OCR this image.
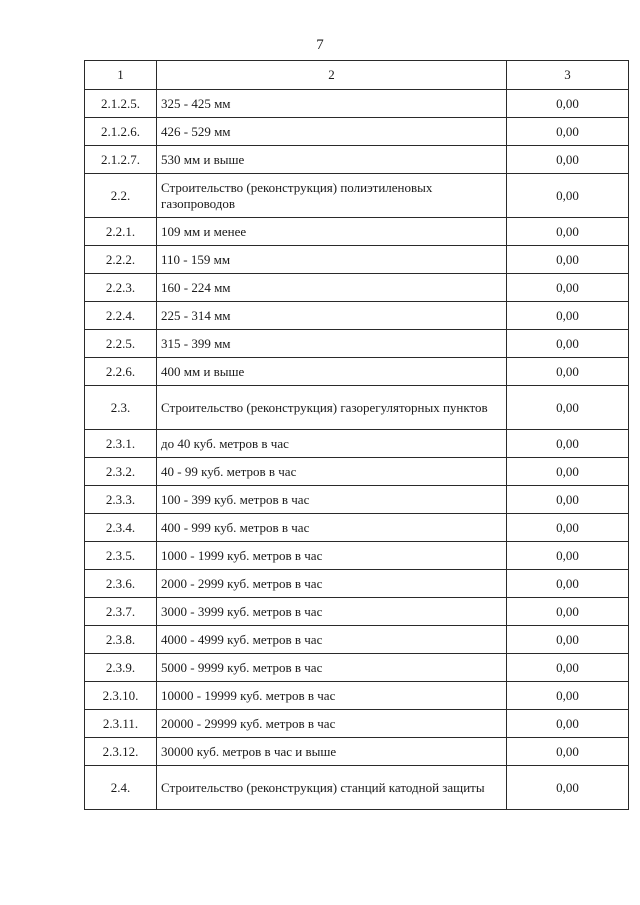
7
1	2	3
2.1.2.5.	325 - 425 мм	0,00
2.1.2.6.	426 - 529 мм	0,00
2.1.2.7.	530 мм и выше	0,00
2.2.	Строительство (реконструкция) полиэтиленовых газопроводов	0,00
2.2.1.	109 мм и менее	0,00
2.2.2.	110 - 159 мм	0,00
2.2.3.	160 - 224 мм	0,00
2.2.4.	225 - 314 мм	0,00
2.2.5.	315 - 399 мм	0,00
2.2.6.	400 мм и выше	0,00
2.3.	Строительство (реконструкция) газорегуляторных пунктов	0,00
2.3.1.	до 40 куб. метров в час	0,00
2.3.2.	40 - 99 куб. метров в час	0,00
2.3.3.	100 - 399 куб. метров в час	0,00
2.3.4.	400 - 999 куб. метров в час	0,00
2.3.5.	1000 - 1999 куб. метров в час	0,00
2.3.6.	2000 - 2999 куб. метров в час	0,00
2.3.7.	3000 - 3999 куб. метров в час	0,00
2.3.8.	4000 - 4999 куб. метров в час	0,00
2.3.9.	5000 - 9999 куб. метров в час	0,00
2.3.10.	10000 - 19999 куб. метров в час	0,00
2.3.11.	20000 - 29999 куб. метров в час	0,00
2.3.12.	30000 куб. метров в час и выше	0,00
2.4.	Строительство (реконструкция) станций катодной защиты	0,00
